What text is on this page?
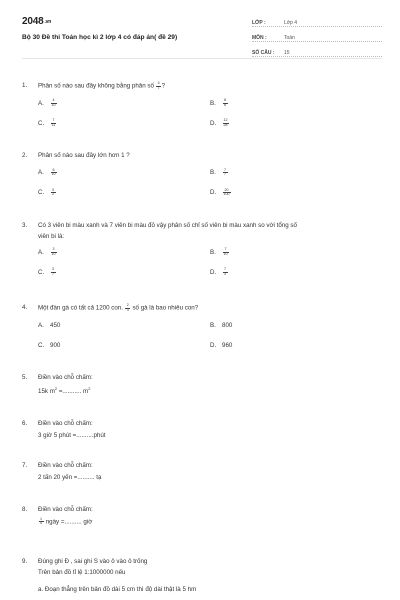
2048.vn
Bộ 30 Đề thi Toán học kì 2 lớp 4 có đáp án( đề 29)
LỚP :	Lớp 4
MÔN :	Toán
SỐ CÂU :	15
1.	Phân số nào sau đây không bằng phân số $\frac{4}{7}$ ?
A.	$\frac{4}{10}$	B.	$\frac{8}{6}$
C.	$\frac{7}{11}$	D.	$\frac{12}{28}$
2.	Phân số nào sau đây lớn hơn 1 ?
A.	$\frac{6}{10}$	B.	$\frac{7}{7}$
C.	$\frac{3}{2}$	D.	$\frac{20}{100}$
3.	Có 3 viên bi màu xanh và 7 viên bi màu đỏ vậy phân số chỉ số viên bi màu xanh so với tổng số
viên bi là:
A.	$\frac{3}{10}$	B.	$\frac{7}{10}$
C.	$\frac{3}{7}$	D.	$\frac{7}{3}$
4.	Một đàn gà có tất cả 1200 con. $\frac{2}{3}$ số gà là bao nhiêu con?
A. 450	B. 800
C. 900	D. 960
5.	Điền vào chỗ chấm:
15k $m^2$ =........... $m^2$
6.	Điền vào chỗ chấm:
3 giờ 5 phút =..........phút
7.	Điền vào chỗ chấm:
2 tấn 20 yến =.......... tạ
8.	Điền vào chỗ chấm:
$\frac{1}{4}$ ngày =.......... giờ
9.	Đúng ghi Đ , sai ghi S vào ô vào ô trống
Trên bản đồ tỉ lệ 1:1000000 nếu
a. Đoạn thẳng trên bản đồ dài 5 cm thì độ dài thật là 5 hm
